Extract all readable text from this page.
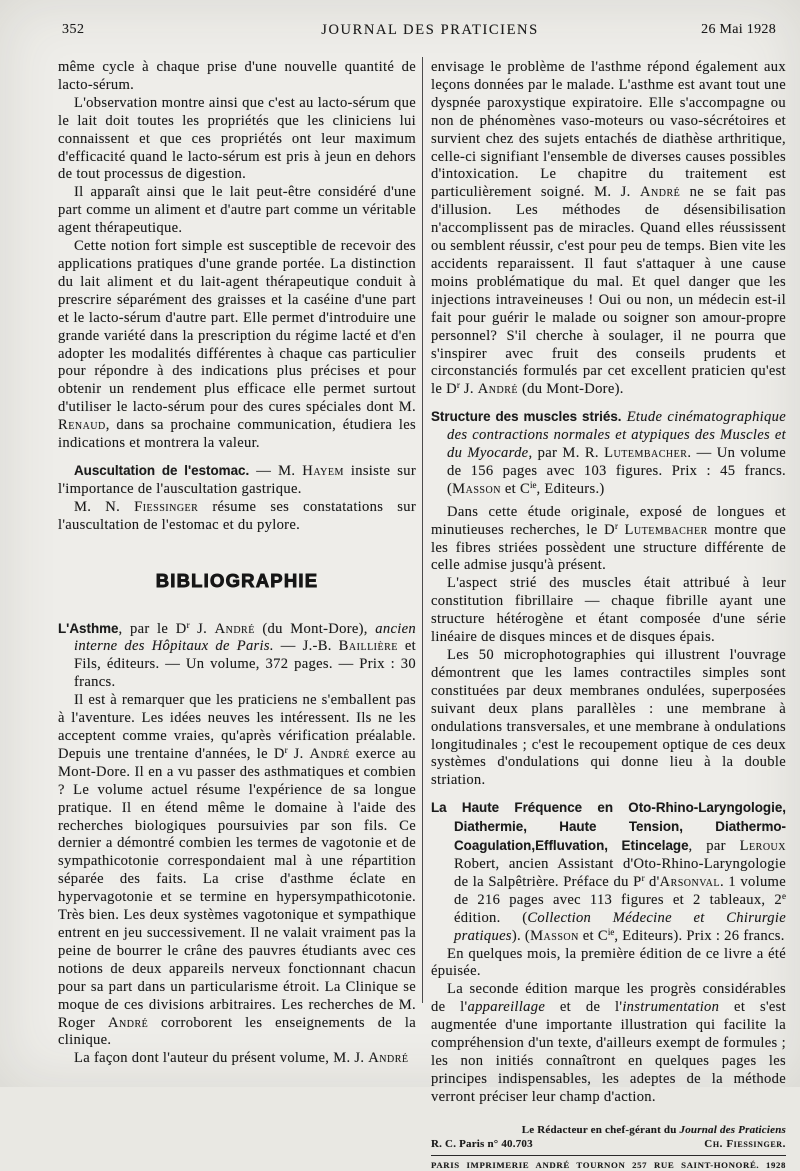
352	JOURNAL DES PRATICIENS	26 Mai 1928

même cycle à chaque prise d'une nouvelle quantité de lacto-sérum.

L'observation montre ainsi que c'est au lacto-sérum que le lait doit toutes les propriétés que les cliniciens lui connaissent et que ces propriétés ont leur maximum d'efficacité quand le lacto-sérum est pris à jeun en dehors de tout processus de digestion.

Il apparaît ainsi que le lait peut-être considéré d'une part comme un aliment et d'autre part comme un véritable agent thérapeutique.

Cette notion fort simple est susceptible de recevoir des applications pratiques d'une grande portée. La distinction du lait aliment et du lait-agent thérapeutique conduit à prescrire séparément des graisses et la caséine d'une part et le lacto-sérum d'autre part. Elle permet d'introduire une grande variété dans la prescription du régime lacté et d'en adopter les modalités différentes à chaque cas particulier pour répondre à des indications plus précises et pour obtenir un rendement plus efficace elle permet surtout d'utiliser le lacto-sérum pour des cures spéciales dont M. Renaud, dans sa prochaine communication, étudiera les indications et montrera la valeur.

Auscultation de l'estomac. — M. Hayem insiste sur l'importance de l'auscultation gastrique.

M. N. Fiessinger résume ses constatations sur l'auscultation de l'estomac et du pylore.

BIBLIOGRAPHIE

L'Asthme, par le $D^r$ J. André (du Mont-Dore), ancien interne des Hôpitaux de Paris. — J.-B. Baillière et Fils, éditeurs. — Un volume, 372 pages. — Prix : 30 francs.

Il est à remarquer que les praticiens ne s'emballent pas à l'aventure. Les idées neuves les intéressent. Ils ne les acceptent comme vraies, qu'après vérification préalable. Depuis une trentaine d'années, le $D^r$ J. André exerce au Mont-Dore. Il en a vu passer des asthmatiques et combien ? Le volume actuel résume l'expérience de sa longue pratique. Il en étend même le domaine à l'aide des recherches biologiques poursuivies par son fils. Ce dernier a démontré combien les termes de vagotonie et de sympathicotonie correspondaient mal à une répartition séparée des faits. La crise d'asthme éclate en hypervagotonie et se termine en hypersympathicotonie. Très bien. Les deux systèmes vagotonique et sympathique entrent en jeu successivement. Il ne valait vraiment pas la peine de bourrer le crâne des pauvres étudiants avec ces notions de deux appareils nerveux fonctionnant chacun pour sa part dans un particularisme étroit. La Clinique se moque de ces divisions arbitraires. Les recherches de M. Roger André corroborent les enseignements de la clinique.

La façon dont l'auteur du présent volume, M. J. André

envisage le problème de l'asthme répond également aux leçons données par le malade. L'asthme est avant tout une dyspnée paroxystique expiratoire. Elle s'accompagne ou non de phénomènes vaso-moteurs ou vaso-sécrétoires et survient chez des sujets entachés de diathèse arthritique, celle-ci signifiant l'ensemble de diverses causes possibles d'intoxication. Le chapitre du traitement est particulièrement soigné. M. J. André ne se fait pas d'illusion. Les méthodes de désensibilisation n'accomplissent pas de miracles. Quand elles réussissent ou semblent réussir, c'est pour peu de temps. Bien vite les accidents reparaissent. Il faut s'attaquer à une cause moins problématique du mal. Et quel danger que les injections intraveineuses ! Oui ou non, un médecin est-il fait pour guérir le malade ou soigner son amour-propre personnel? S'il cherche à soulager, il ne pourra que s'inspirer avec fruit des conseils prudents et circonstanciés formulés par cet excellent praticien qu'est le $D^r$ J. André (du Mont-Dore).

Structure des muscles striés. Etude cinématographique des contractions normales et atypiques des Muscles et du Myocarde, par M. R. Lutembacher. — Un volume de 156 pages avec 103 figures. Prix : 45 francs. (Masson et $C^{ie}$, Editeurs.)

Dans cette étude originale, exposé de longues et minutieuses recherches, le $D^r$ Lutembacher montre que les fibres striées possèdent une structure différente de celle admise jusqu'à présent.

L'aspect strié des muscles était attribué à leur constitution fibrillaire — chaque fibrille ayant une structure hétérogène et étant composée d'une série linéaire de disques minces et de disques épais.

Les 50 microphotographies qui illustrent l'ouvrage démontrent que les lames contractiles simples sont constituées par deux membranes ondulées, superposées suivant deux plans parallèles : une membrane à ondulations transversales, et une membrane à ondulations longitudinales ; c'est le recoupement optique de ces deux systèmes d'ondulations qui donne lieu à la double striation.

La Haute Fréquence en Oto-Rhino-Laryngologie, Diathermie, Haute Tension, Diathermo-Coagulation,Effluvation, Etincelage, par Leroux Robert, ancien Assistant d'Oto-Rhino-Laryngologie de la Salpêtrière. Préface du $P^r$ d'Arsonval. 1 volume de 216 pages avec 113 figures et 2 tableaux, 2e édition. (Collection Médecine et Chirurgie pratiques). (Masson et $C^{ie}$, Editeurs). Prix : 26 francs.

En quelques mois, la première édition de ce livre a été épuisée.

La seconde édition marque les progrès considérables de l'appareillage et de l'instrumentation et s'est augmentée d'une importante illustration qui facilite la compréhension d'un texte, d'ailleurs exempt de formules ; les non initiés connaîtront en quelques pages les principes indispensables, les adeptes de la méthode verront préciser leur champ d'action.

Le Rédacteur en chef-gérant du Journal des Praticiens
R. C. Paris n° 40.703	Ch. Fiessinger.
PARIS IMPRIMERIE ANDRÉ TOURNON 257 RUE SAINT-HONORÉ. 1928
